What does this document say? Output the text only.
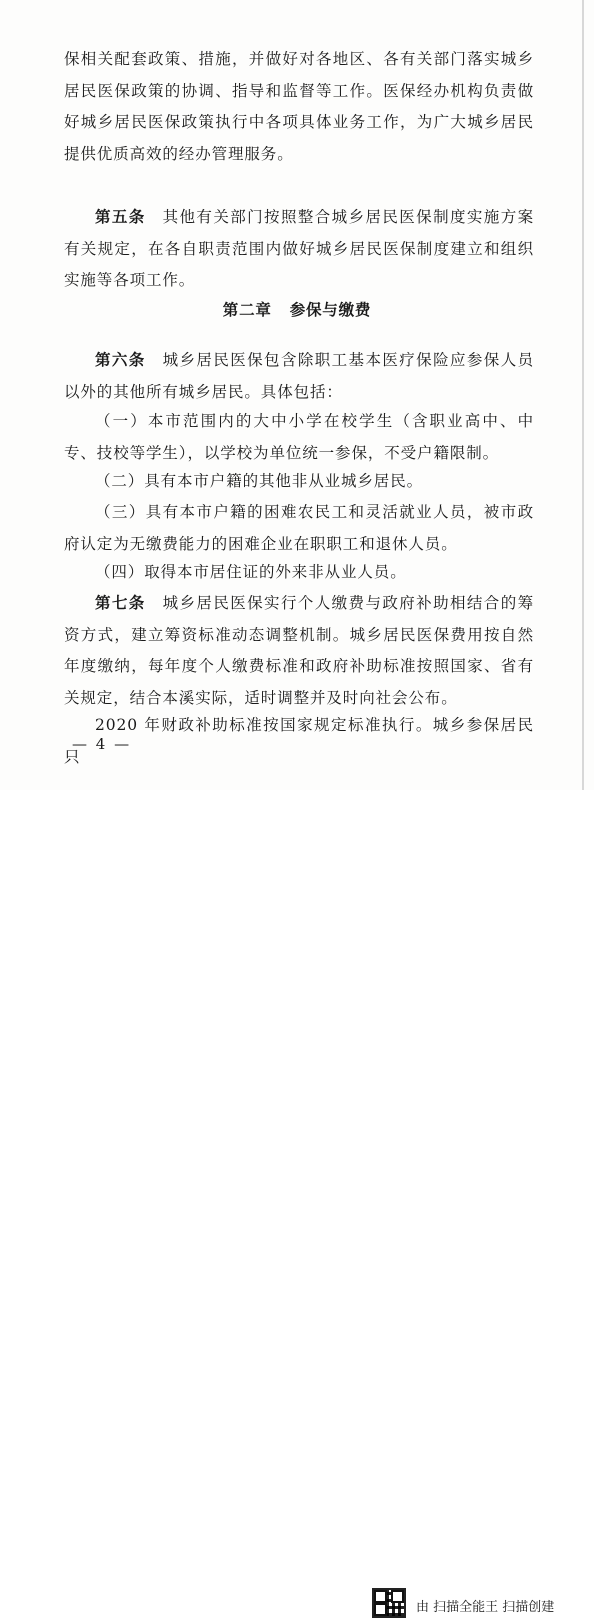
保相关配套政策、措施，并做好对各地区、各有关部门落实城乡居民医保政策的协调、指导和监督等工作。医保经办机构负责做好城乡居民医保政策执行中各项具体业务工作，为广大城乡居民提供优质高效的经办管理服务。

第五条　 其他有关部门按照整合城乡居民医保制度实施方案有关规定，在各自职责范围内做好城乡居民医保制度建立和组织实施等各项工作。

第二章 参保与缴费

第六条　 城乡居民医保包含除职工基本医疗保险应参保人员以外的其他所有城乡居民。具体包括：

（一）本市范围内的大中小学在校学生（含职业高中、中专、技校等学生），以学校为单位统一参保，不受户籍限制。

（二）具有本市户籍的其他非从业城乡居民。

（三）具有本市户籍的困难农民工和灵活就业人员，被市政府认定为无缴费能力的困难企业在职职工和退休人员。

（四）取得本市居住证的外来非从业人员。

第七条　 城乡居民医保实行个人缴费与政府补助相结合的筹资方式，建立筹资标准动态调整机制。城乡居民医保费用按自然年度缴纳，每年度个人缴费标准和政府补助标准按照国家、省有关规定，结合本溪实际，适时调整并及时向社会公布。

2020 年财政补助标准按国家规定标准执行。城乡参保居民只

— 4 —
由 扫描全能王 扫描创建
